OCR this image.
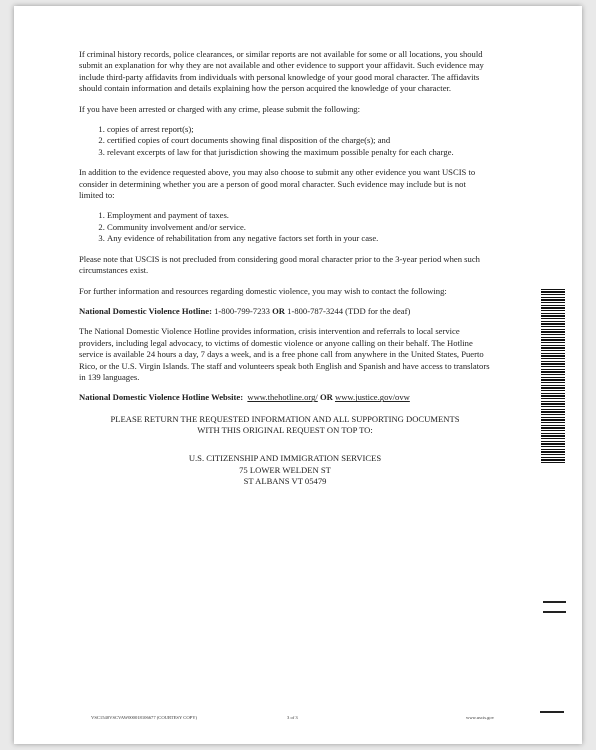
If criminal history records, police clearances, or similar reports are not available for some or all locations, you should submit an explanation for why they are not available and other evidence to support your affidavit. Such evidence may include third-party affidavits from individuals with personal knowledge of your good moral character. The affidavits should contain information and details explaining how the person acquired the knowledge of your character.

If you have been arrested or charged with any crime, please submit the following:

1. copies of arrest report(s);
2. certified copies of court documents showing final disposition of the charge(s); and
3. relevant excerpts of law for that jurisdiction showing the maximum possible penalty for each charge.

In addition to the evidence requested above, you may also choose to submit any other evidence you want USCIS to consider in determining whether you are a person of good moral character. Such evidence may include but is not limited to:

1. Employment and payment of taxes.
2. Community involvement and/or service.
3. Any evidence of rehabilitation from any negative factors set forth in your case.

Please note that USCIS is not precluded from considering good moral character prior to the 3-year period when such circumstances exist.

For further information and resources regarding domestic violence, you may wish to contact the following:

National Domestic Violence Hotline: 1-800-799-7233 OR 1-800-787-3244 (TDD for the deaf)

The National Domestic Violence Hotline provides information, crisis intervention and referrals to local service providers, including legal advocacy, to victims of domestic violence or anyone calling on their behalf. The Hotline service is available 24 hours a day, 7 days a week, and is a free phone call from anywhere in the United States, Puerto Rico, or the U.S. Virgin Islands. The staff and volunteers speak both English and Spanish and have access to translators in 139 languages.

National Domestic Violence Hotline Website: www.thehotline.org/ OR www.justice.gov/ovw

PLEASE RETURN THE REQUESTED INFORMATION AND ALL SUPPORTING DOCUMENTS
WITH THIS ORIGINAL REQUEST ON TOP TO:
U.S. CITIZENSHIP AND IMMIGRATION SERVICES
75 LOWER WELDEN ST
ST ALBANS VT 05479
VSC1540VSCVAW000018106677 (COURTESY COPY)	3 of 3	www.uscis.gov
